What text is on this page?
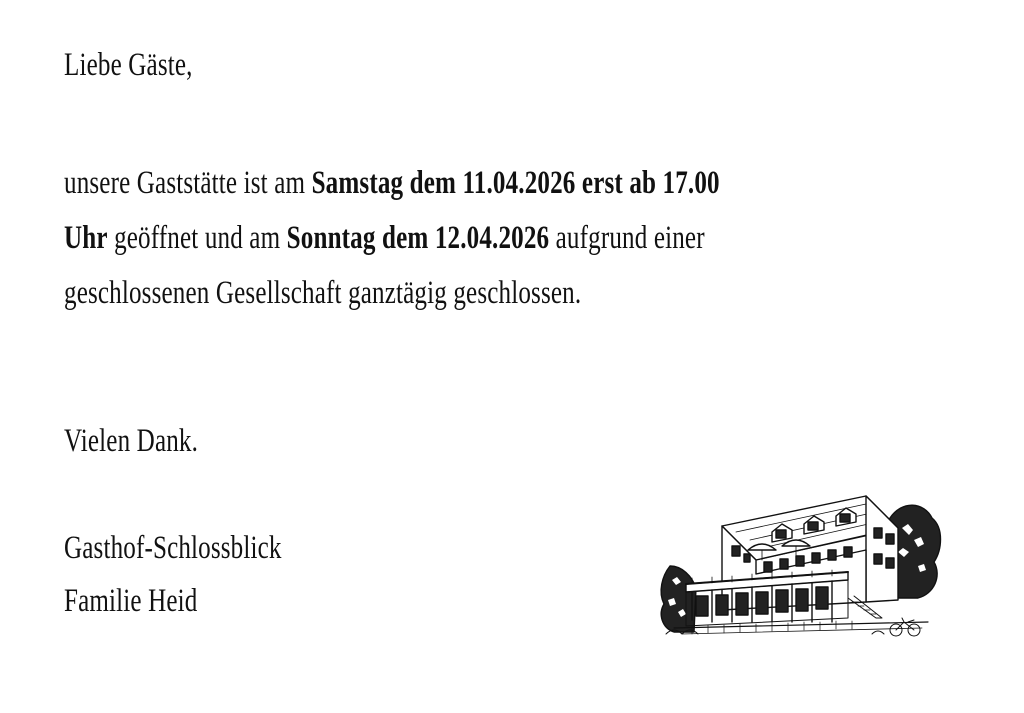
Liebe Gäste,
unsere Gaststätte ist am Samstag dem 11.04.2026 erst ab 17.00
Uhr geöffnet und am Sonntag dem 12.04.2026 aufgrund einer
geschlossenen Gesellschaft ganztägig geschlossen.
Vielen Dank.
Gasthof-Schlossblick
Familie Heid
